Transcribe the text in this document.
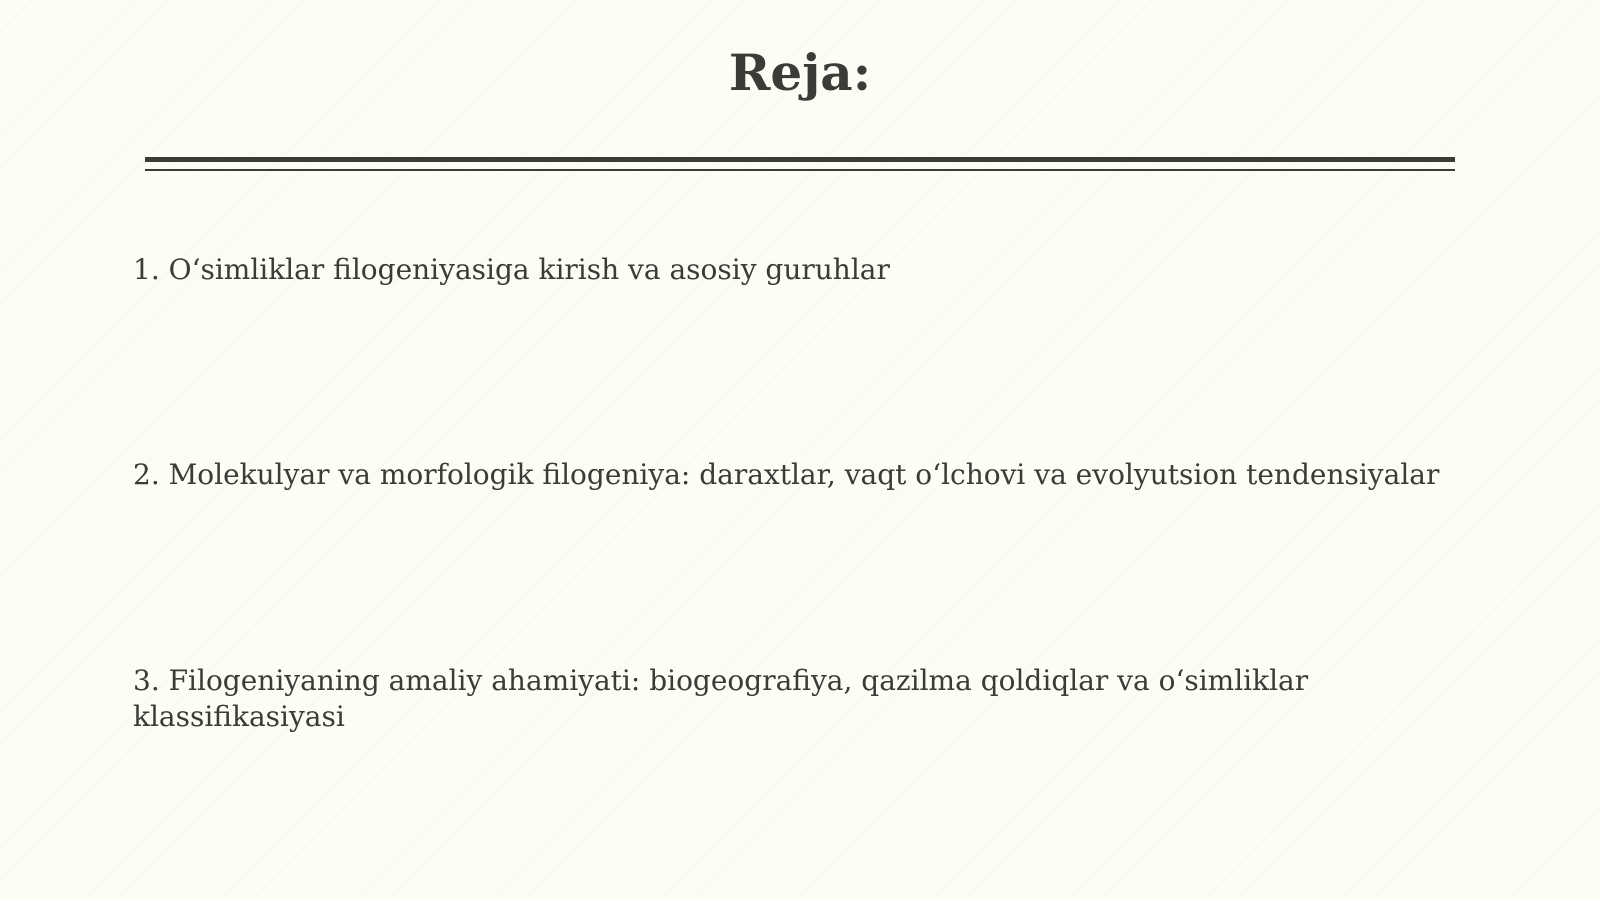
Reja:
1. O‘simliklar filogeniyasiga kirish va asosiy guruhlar
2. Molekulyar va morfologik filogeniya: daraxtlar, vaqt o‘lchovi va evolyutsion tendensiyalar
3. Filogeniyaning amaliy ahamiyati: biogeografiya, qazilma qoldiqlar va o‘simliklar klassifikasiyasi
